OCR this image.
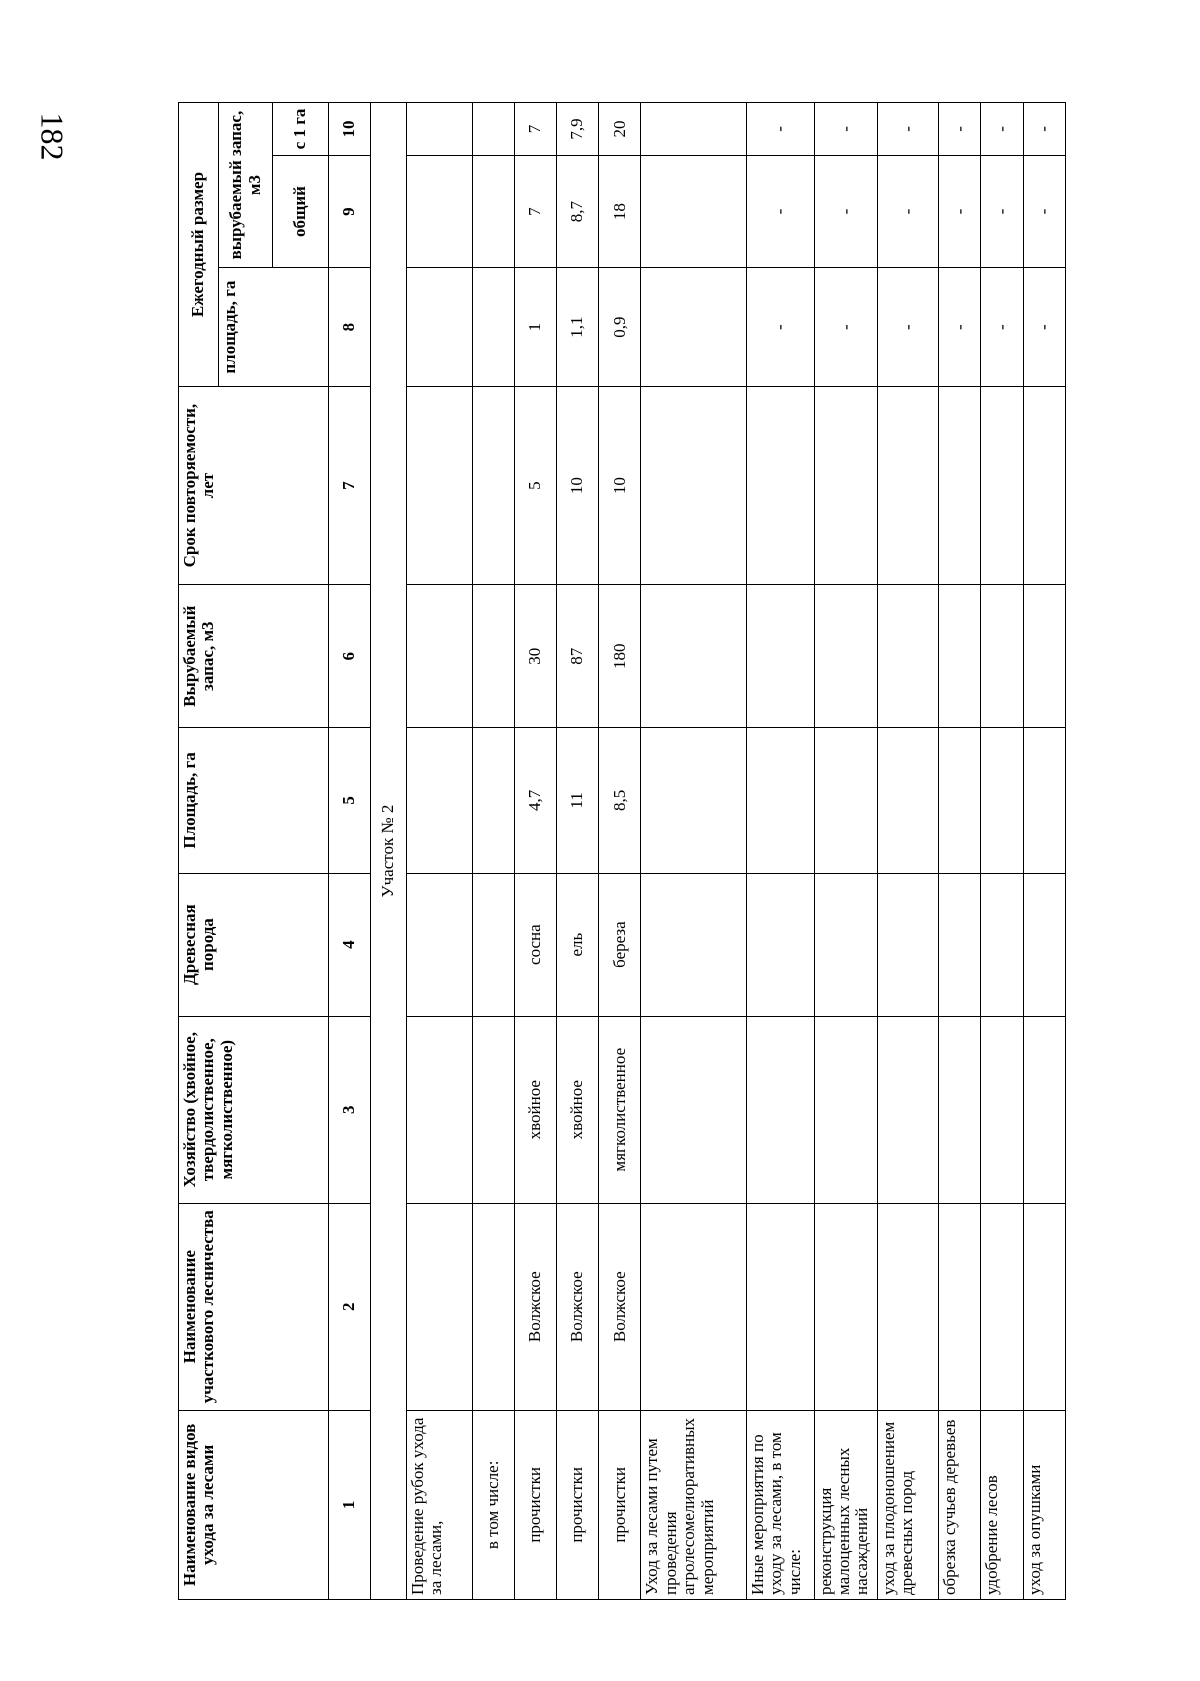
182
Наименование видов ухода за лесами	Наименование участкового лесничества	Хозяйство (хвойное, твердолиственное, мягколиственное)	Древесная порода	Площадь, га	Вырубаемый запас, м3	Срок повторяемости, лет	Ежегодный размер		
							площадь, га	вырубаемый запас, м3	
								общий	с 1 га
1	2	3	4	5	6	7	8	9	10
Участок № 2									
Проведение рубок ухода за лесами,									
в том числе:									
прочистки	Волжское	хвойное	сосна	4,7	30	5	1	7	7
прочистки	Волжское	хвойное	ель	11	87	10	1,1	8,7	7,9
прочистки	Волжское	мягколиственное	береза	8,5	180	10	0,9	18	20
Уход за лесами путем проведения агролесомелиоративных мероприятий									
Иные мероприятия по уходу за лесами, в том числе:							-	-	-
реконструкция малоценных лесных насаждений							-	-	-
уход за плодоношением древесных пород							-	-	-
обрезка сучьев деревьев							-	-	-
удобрение лесов							-	-	-
уход за опушками							-	-	-
